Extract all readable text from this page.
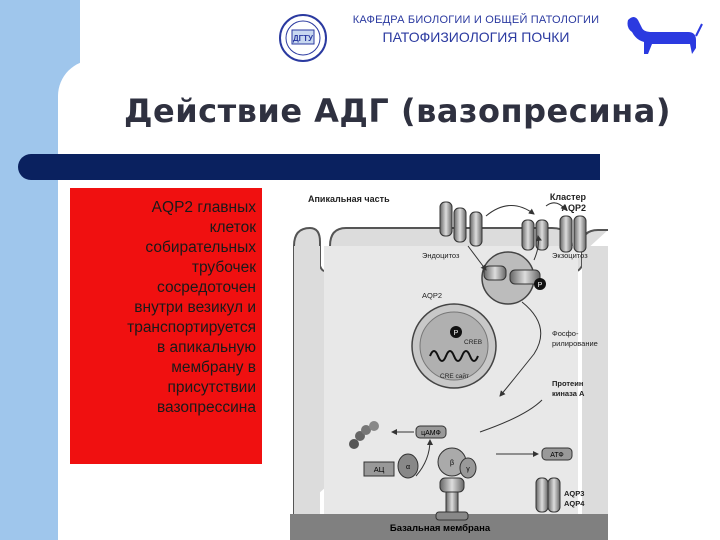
ДГТУ
КАФЕДРА БИОЛОГИИ И ОБЩЕЙ ПАТОЛОГИИ
ПАТОФИЗИОЛОГИЯ ПОЧКИ
Действие АДГ (вазопресина)
AQP2 главных
клеток
собирательных
трубочек
сосредоточен
внутри везикул и
транспортируется
в апикальную
мембрану в
присутствии
вазопрессина
Базальная мембрана
Апикальная часть	Кластер
AQP2
P
Эндоцитоз	Экзоцитоз
AQP2
P
CREB
CRE сайт
Фосфо-
рилирование
Протеин
киназа А
цАМФ
АЦ	α
β
γ
АТФ
AQP3
AQP4
